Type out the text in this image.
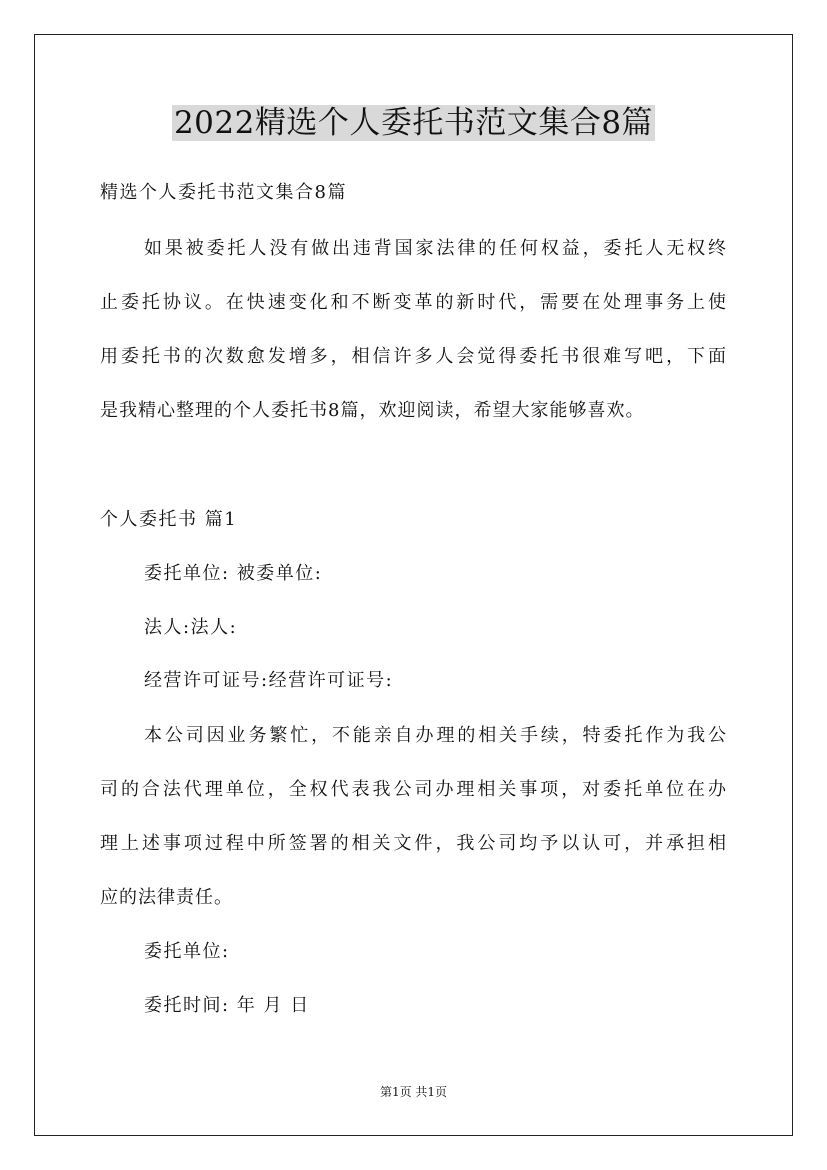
2022精选个人委托书范文集合8篇
精选个人委托书范文集合8篇
如果被委托人没有做出违背国家法律的任何权益，委托人无权终
止委托协议。在快速变化和不断变革的新时代，需要在处理事务上使
用委托书的次数愈发增多，相信许多人会觉得委托书很难写吧，下面
是我精心整理的个人委托书8篇，欢迎阅读，希望大家能够喜欢。
个人委托书 篇1
委托单位: 被委单位:
法人:法人:
经营许可证号:经营许可证号:
本公司因业务繁忙，不能亲自办理的相关手续，特委托作为我公
司的合法代理单位，全权代表我公司办理相关事项，对委托单位在办
理上述事项过程中所签署的相关文件，我公司均予以认可，并承担相
应的法律责任。
委托单位:
委托时间: 年 月 日
第1页 共1页
